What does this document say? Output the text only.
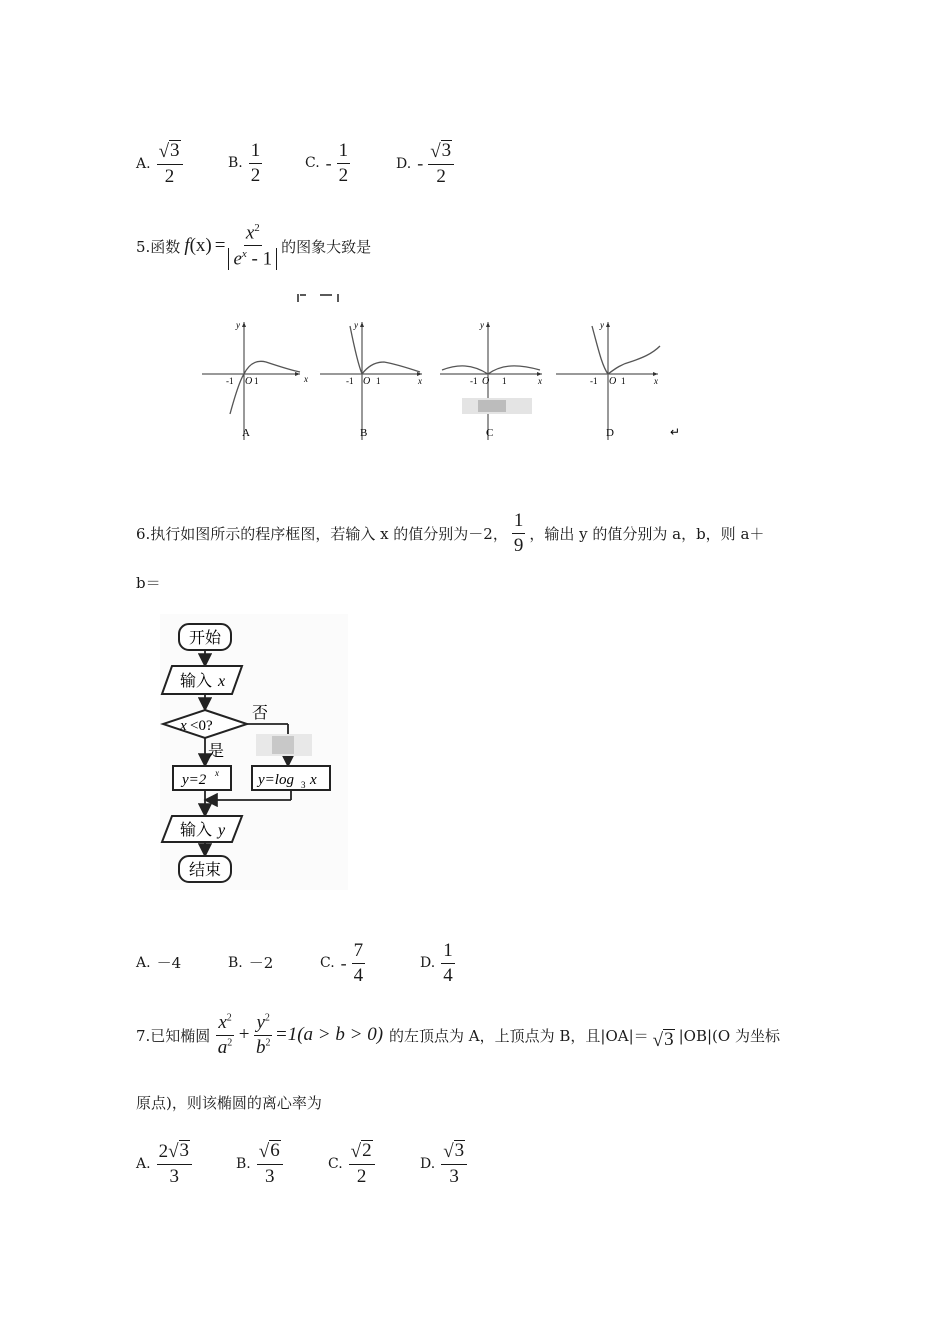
A. $\frac{√ 3}{2}$	B. $\frac{1}{2}$	C. - $\frac{1}{2}$	D. - $\frac{√ 3}{2}$
5.函数 f $(x) = \frac{x^2}{e^x - 1}$ 的图象大致是
x
y
-1 O 1
A
x
y
-1 O 1
B
x
y
-1 O 1
C
x
y
-1 O 1
D	↵
6.执行如图所示的程序框图，若输入 x 的值分别为－2， $\frac{1}{9}$ ，输出 y 的值分别为 a，b，则 a＋
b＝
开始
输入 x
x <0?
否
是
y=2 x	y=log 3 x
输入 y
结束
A. －4	B. －2	C. - $\frac{7}{4}$	D. $\frac{1}{4}$
7.已知椭圆 $\frac{x^2}{a^2} + \frac{y^2}{b^2} =1(a > b > 0)$ 的左顶点为 A，上顶点为 B，且|OA|＝ √ 3 |OB|(O 为坐标
原点)，则该椭圆的离心率为
A. $\frac{2 √ 3}{3}$	B. $\frac{√ 6}{3}$	C. $\frac{√ 2}{2}$	D. $\frac{√ 3}{3}$
